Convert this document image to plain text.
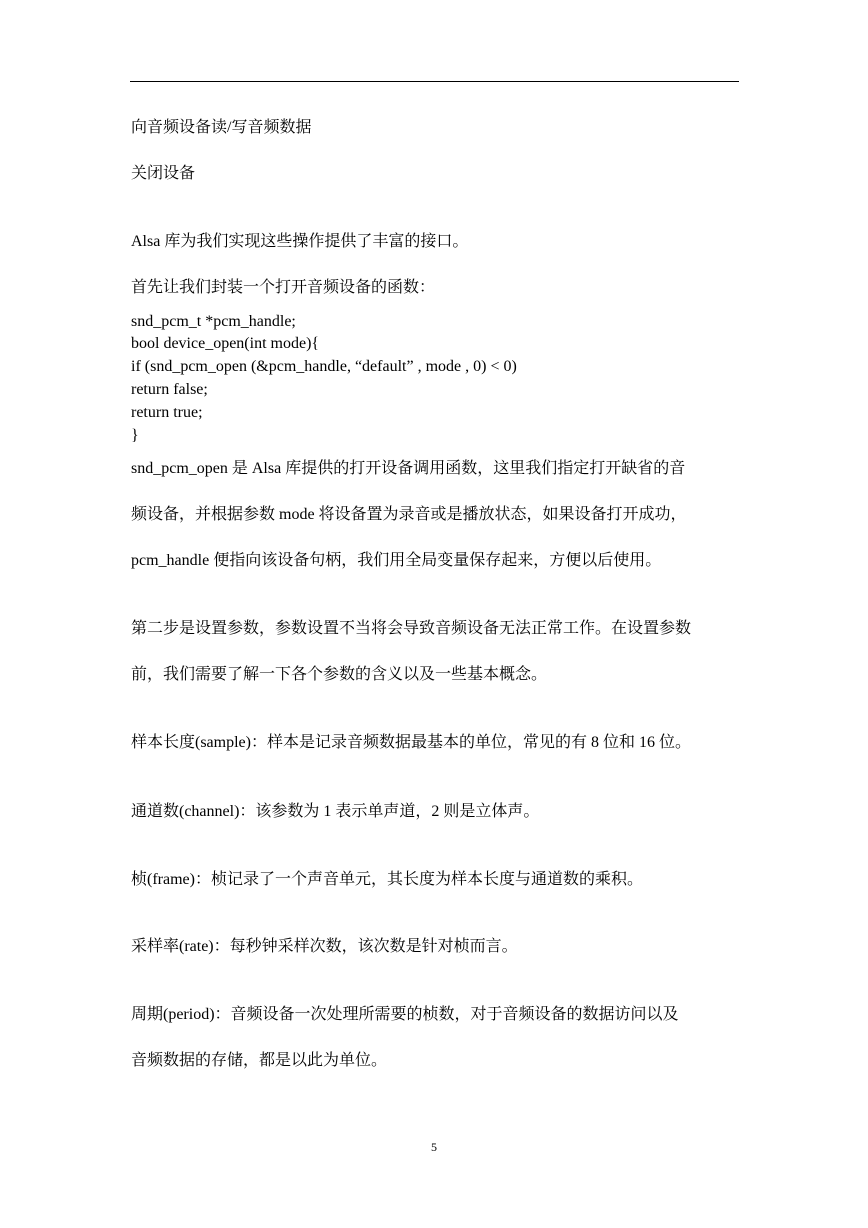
向音频设备读/写音频数据
关闭设备
Alsa 库为我们实现这些操作提供了丰富的接口。
首先让我们封装一个打开音频设备的函数：
snd_pcm_t *pcm_handle;
bool device_open(int mode){
if (snd_pcm_open (&pcm_handle, “default” , mode , 0) < 0)
return false;
return true;
}
snd_pcm_open 是 Alsa 库提供的打开设备调用函数，这里我们指定打开缺省的音
频设备，并根据参数 mode 将设备置为录音或是播放状态，如果设备打开成功，
pcm_handle 便指向该设备句柄，我们用全局变量保存起来，方便以后使用。
第二步是设置参数，参数设置不当将会导致音频设备无法正常工作。在设置参数
前，我们需要了解一下各个参数的含义以及一些基本概念。
样本长度(sample)：样本是记录音频数据最基本的单位，常见的有 8 位和 16 位。
通道数(channel)：该参数为 1 表示单声道，2 则是立体声。
桢(frame)：桢记录了一个声音单元，其长度为样本长度与通道数的乘积。
采样率(rate)：每秒钟采样次数，该次数是针对桢而言。
周期(period)：音频设备一次处理所需要的桢数，对于音频设备的数据访问以及
音频数据的存储，都是以此为单位。
5
